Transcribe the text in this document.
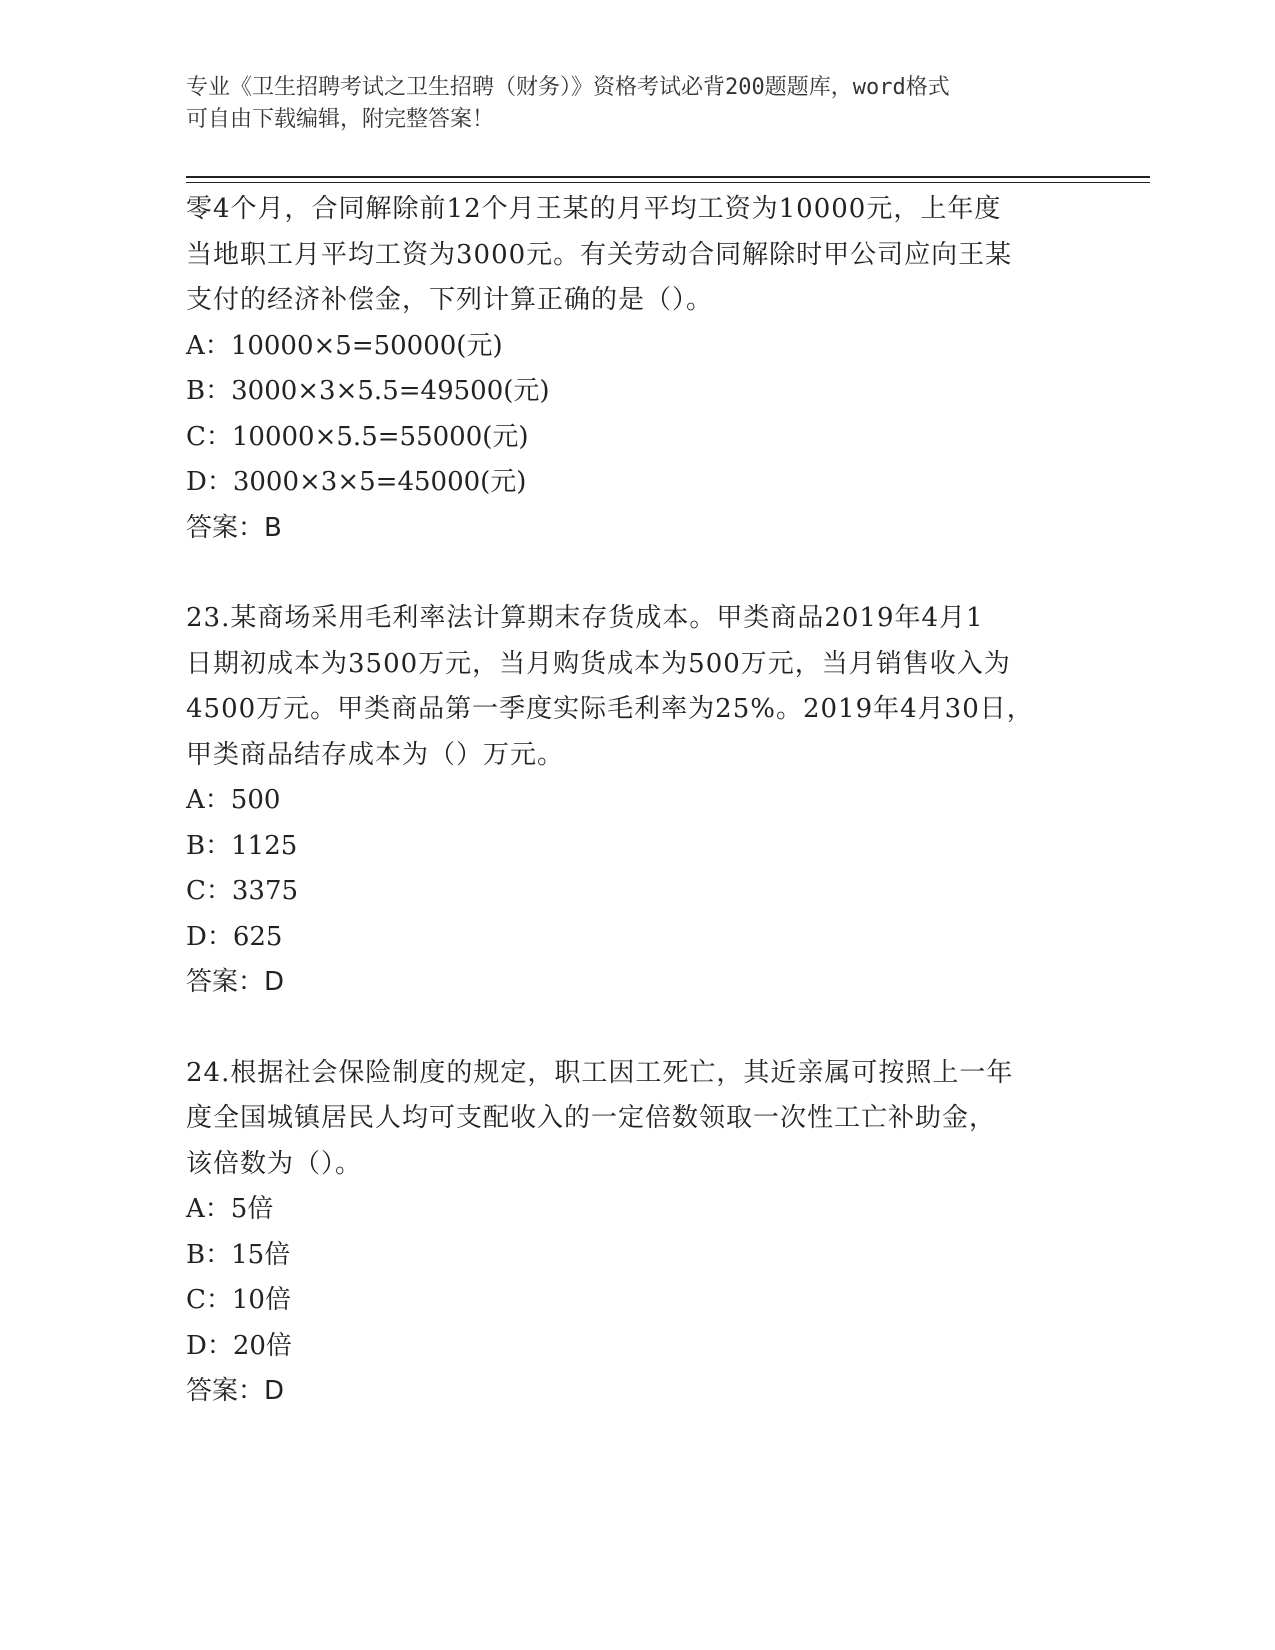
专业《卫生招聘考试之卫生招聘（财务）》资格考试必背200题题库，word格式
可自由下载编辑，附完整答案！

零4个月，合同解除前12个月王某的月平均工资为10000元，上年度

当地职工月平均工资为3000元。有关劳动合同解除时甲公司应向王某

支付的经济补偿金，下列计算正确的是（）。

A：10000×5=50000(元)

B：3000×3×5.5=49500(元)

C：10000×5.5=55000(元)

D：3000×3×5=45000(元)

答案：B

23.某商场采用毛利率法计算期末存货成本。甲类商品2019年4月1

日期初成本为3500万元，当月购货成本为500万元，当月销售收入为

4500万元。甲类商品第一季度实际毛利率为25%。2019年4月30日，

甲类商品结存成本为（）万元。

A：500

B：1125

C：3375

D：625

答案：D

24.根据社会保险制度的规定，职工因工死亡，其近亲属可按照上一年

度全国城镇居民人均可支配收入的一定倍数领取一次性工亡补助金，

该倍数为（）。

A：5倍

B：15倍

C：10倍

D：20倍

答案：D
